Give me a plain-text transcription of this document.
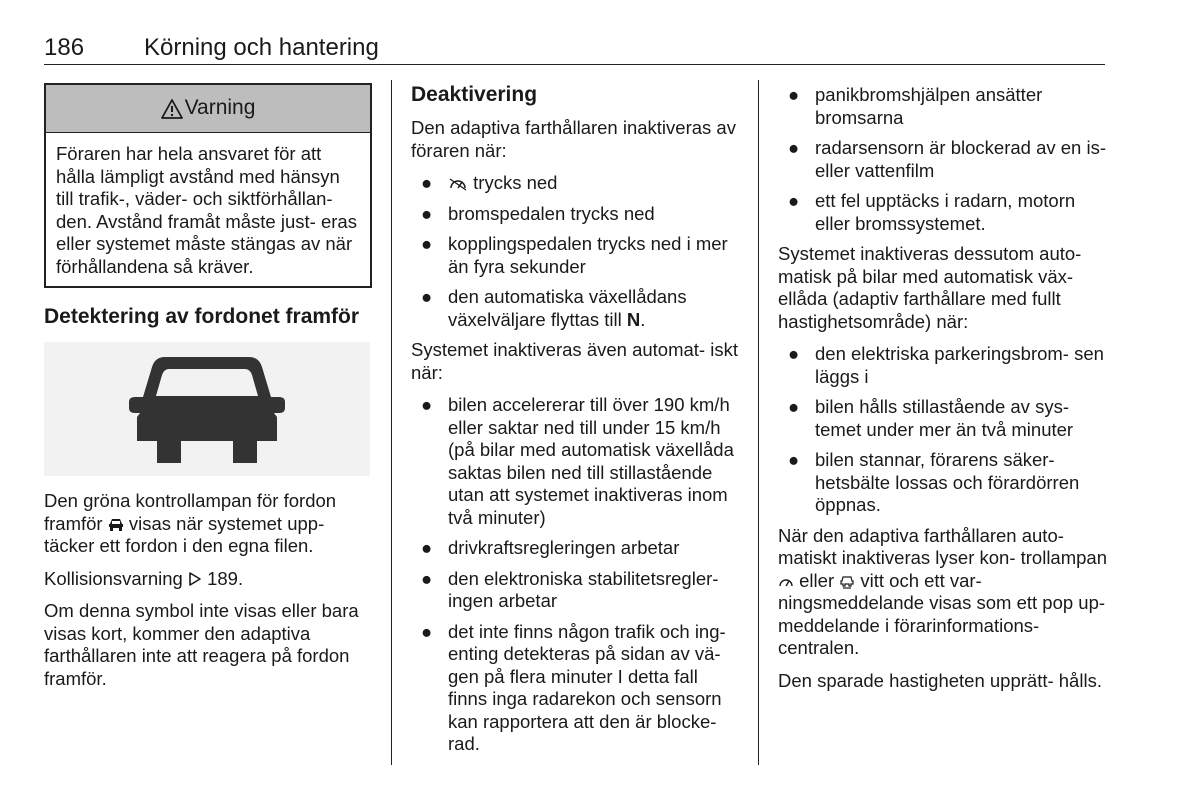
186 Körning och hantering
Varning
Föraren har hela ansvaret för att hålla lämpligt avstånd med hänsyn till trafik-, väder- och siktförhållan- den. Avstånd framåt måste just- eras eller systemet måste stängas av när förhållandena så kräver.
Detektering av fordonet framför

Den gröna kontrollampan för fordon framför visas när systemet upp- täcker ett fordon i den egna filen.

Kollisionsvarning 189.

Om denna symbol inte visas eller bara visas kort, kommer den adaptiva farthållaren inte att reagera på fordon framför.

Deaktivering

Den adaptiva farthållaren inaktiveras av föraren när:

● trycks ned
● bromspedalen trycks ned
● kopplingspedalen trycks ned i mer än fyra sekunder
● den automatiska växellådans växelväljare flyttas till N.

Systemet inaktiveras även automat- iskt när:

● bilen accelererar till över 190 km/h eller saktar ned till under 15 km/h (på bilar med automatisk växellåda saktas bilen ned till stillastående utan att systemet inaktiveras inom två minuter)
● drivkraftsregleringen arbetar
● den elektroniska stabilitetsregler- ingen arbetar
● det inte finns någon trafik och ing- enting detekteras på sidan av vä- gen på flera minuter I detta fall finns inga radarekon och sensorn kan rapportera att den är blocke- rad.
● panikbromshjälpen ansätter bromsarna
● radarsensorn är blockerad av en is- eller vattenfilm
● ett fel upptäcks i radarn, motorn eller bromssystemet.

Systemet inaktiveras dessutom auto- matisk på bilar med automatisk väx- ellåda (adaptiv farthållare med fullt hastighetsområde) när:

● den elektriska parkeringsbrom- sen läggs i
● bilen hålls stillastående av sys- temet under mer än två minuter
● bilen stannar, förarens säker- hetsbälte lossas och förardörren öppnas.

När den adaptiva farthållaren auto- matiskt inaktiveras lyser kon- trollampan  eller vitt och ett var- ningsmeddelande visas som ett pop up-meddelande i förarinformations- centralen.

Den sparade hastigheten upprätt- hålls.
